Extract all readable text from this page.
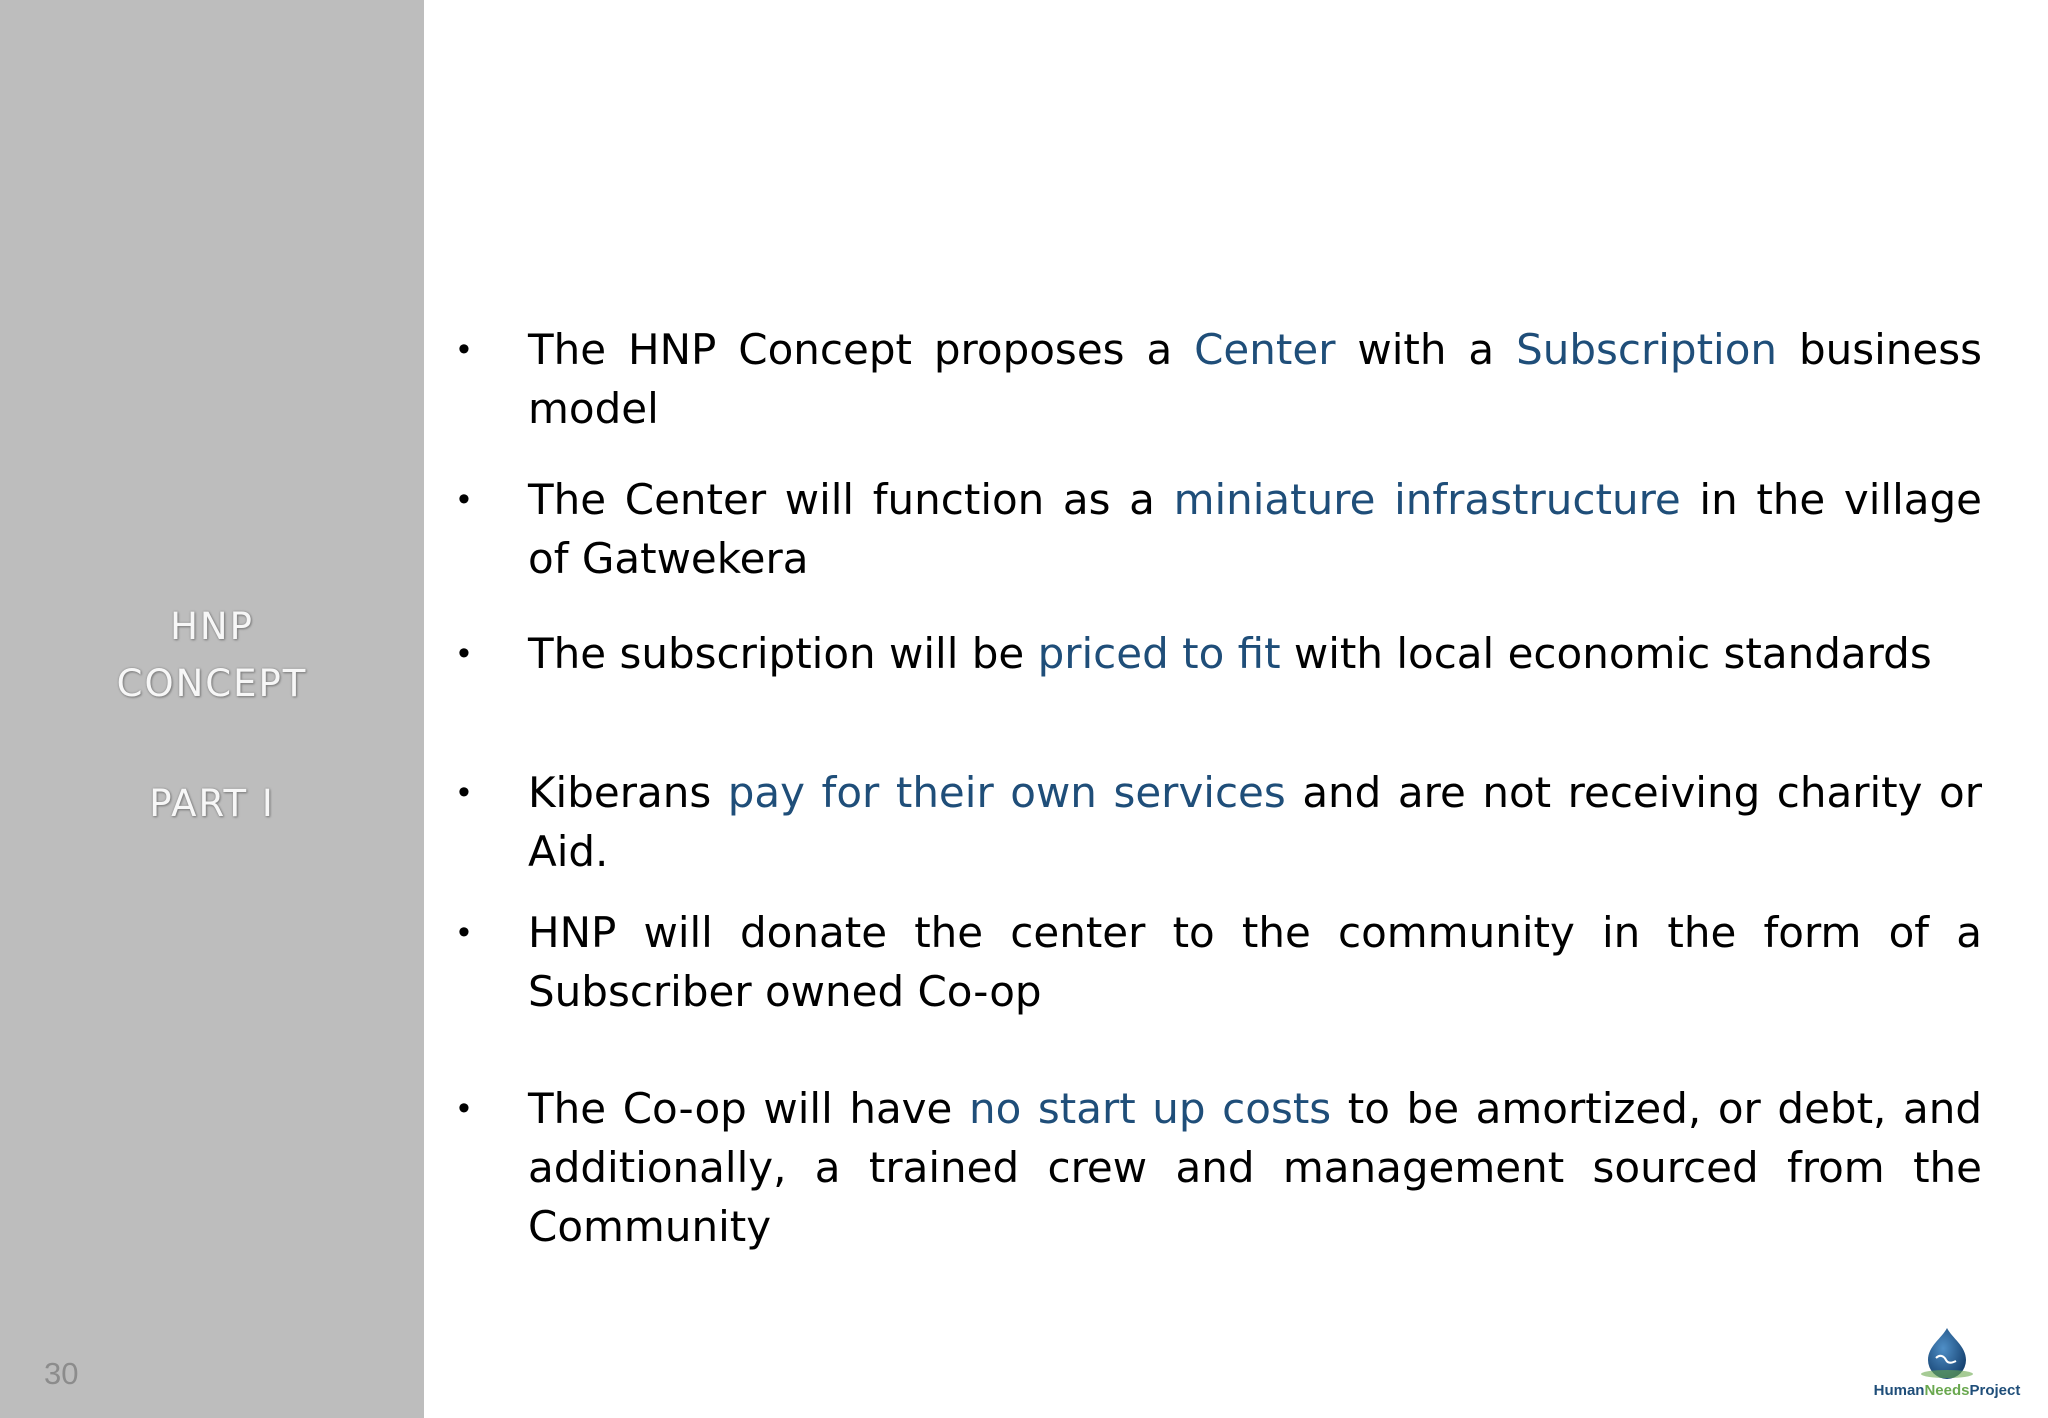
HNP
CONCEPT
PART I
30
• The HNP Concept proposes a Center with a Subscription business model
• The Center will function as a miniature infrastructure in the village of Gatwekera
• The subscription will be priced to fit with local economic standards
• Kiberans pay for their own services and are not receiving charity or Aid.
• HNP will donate the center to the community in the form of a Subscriber owned Co-op
• The Co-op will have no start up costs to be amortized, or debt, and additionally, a trained crew and management sourced from the Community
HumanNeedsProject
